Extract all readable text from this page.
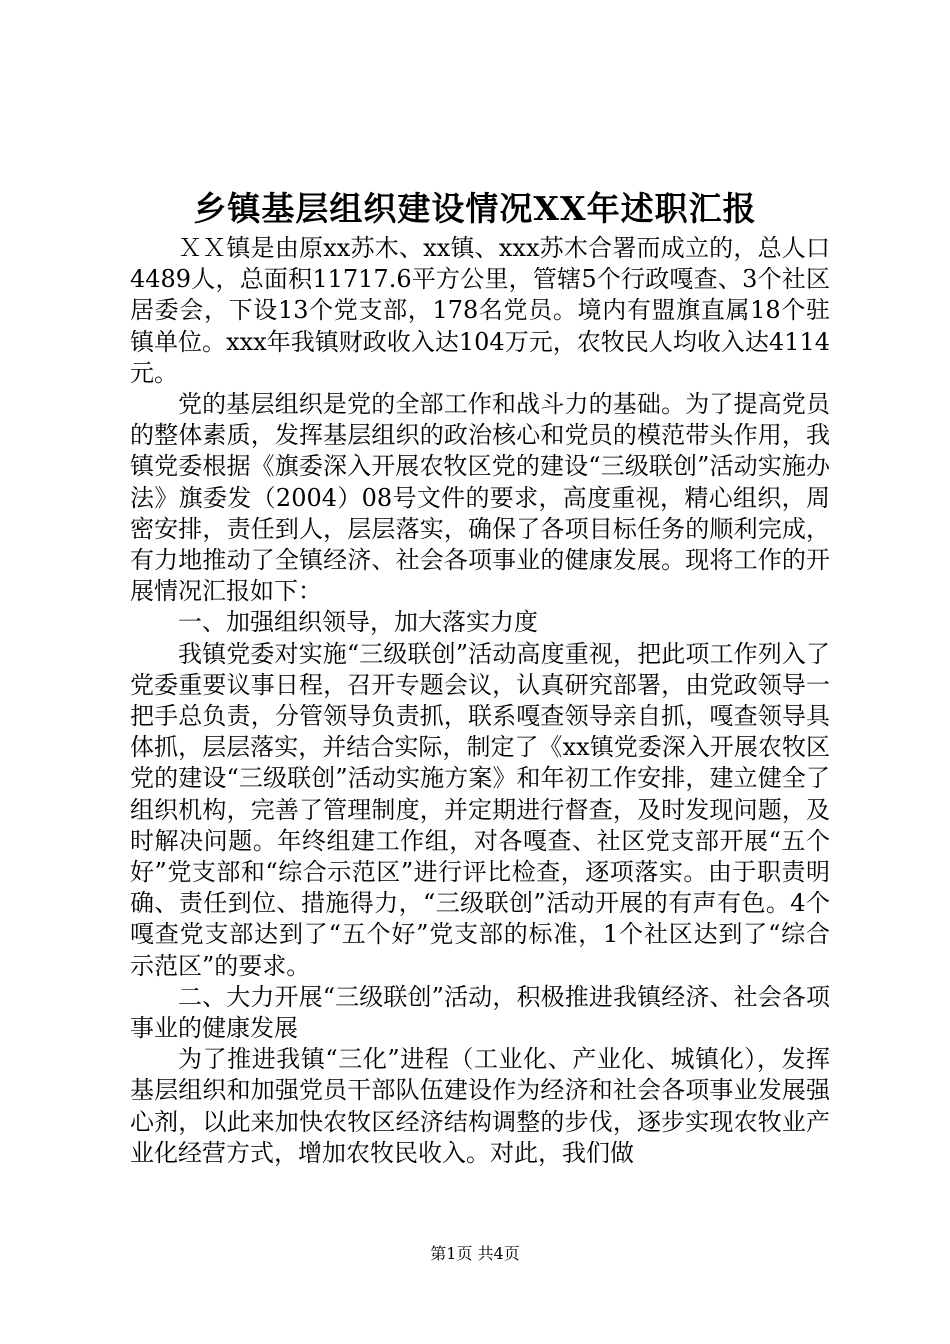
乡镇基层组织建设情况XX年述职汇报

ＸＸ镇是由原xx苏木、xx镇、xxx苏木合署而成立的，总人口4489人，总面积11717.6平方公里，管辖5个行政嘎查、3个社区居委会，下设13个党支部，178名党员。境内有盟旗直属18个驻镇单位。xxx年我镇财政收入达104万元，农牧民人均收入达4114元。

党的基层组织是党的全部工作和战斗力的基础。为了提高党员的整体素质，发挥基层组织的政治核心和党员的模范带头作用，我镇党委根据《旗委深入开展农牧区党的建设“三级联创”活动实施办法》旗委发（2004）08号文件的要求，高度重视，精心组织，周密安排，责任到人，层层落实，确保了各项目标任务的顺利完成，有力地推动了全镇经济、社会各项事业的健康发展。现将工作的开展情况汇报如下：

一、加强组织领导，加大落实力度

我镇党委对实施“三级联创”活动高度重视，把此项工作列入了党委重要议事日程，召开专题会议，认真研究部署，由党政领导一把手总负责，分管领导负责抓，联系嘎查领导亲自抓，嘎查领导具体抓，层层落实，并结合实际，制定了《xx镇党委深入开展农牧区党的建设“三级联创”活动实施方案》和年初工作安排，建立健全了组织机构，完善了管理制度，并定期进行督查，及时发现问题，及时解决问题。年终组建工作组，对各嘎查、社区党支部开展“五个好”党支部和“综合示范区”进行评比检查，逐项落实。由于职责明确、责任到位、措施得力，“三级联创”活动开展的有声有色。4个嘎查党支部达到了“五个好”党支部的标准，1个社区达到了“综合示范区”的要求。

二、大力开展“三级联创”活动，积极推进我镇经济、社会各项事业的健康发展

为了推进我镇“三化”进程（工业化、产业化、城镇化），发挥基层组织和加强党员干部队伍建设作为经济和社会各项事业发展强心剂，以此来加快农牧区经济结构调整的步伐，逐步实现农牧业产业化经营方式，增加农牧民收入。对此，我们做

第1页 共4页
